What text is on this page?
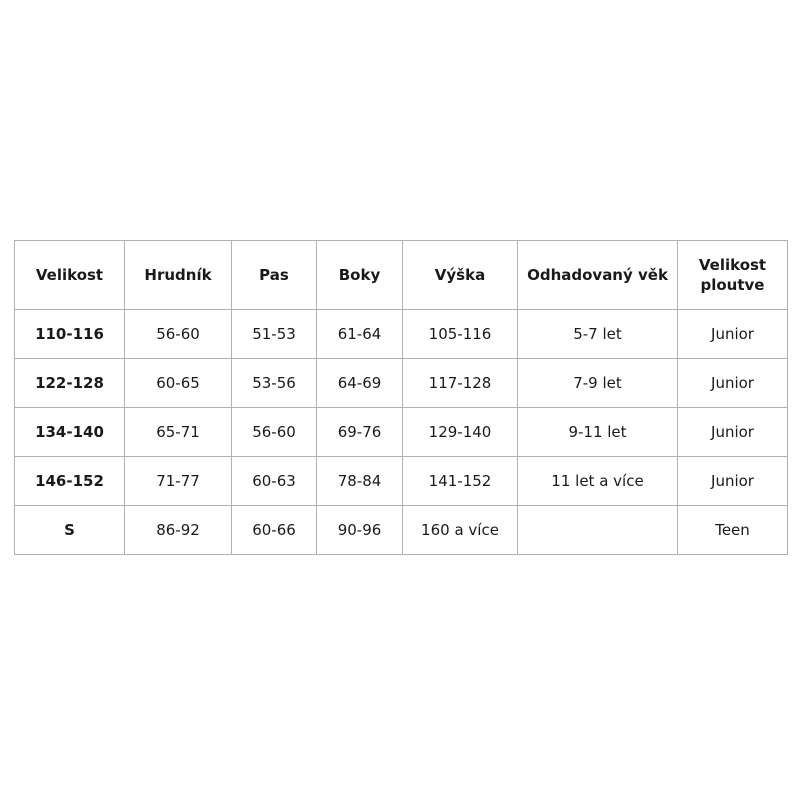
Velikost	Hrudník	Pas	Boky	Výška	Odhadovaný věk	Velikost ploutve
110-116	56-60	51-53	61-64	105-116	5-7 let	Junior
122-128	60-65	53-56	64-69	117-128	7-9 let	Junior
134-140	65-71	56-60	69-76	129-140	9-11 let	Junior
146-152	71-77	60-63	78-84	141-152	11 let a více	Junior
S	86-92	60-66	90-96	160 a více		Teen
